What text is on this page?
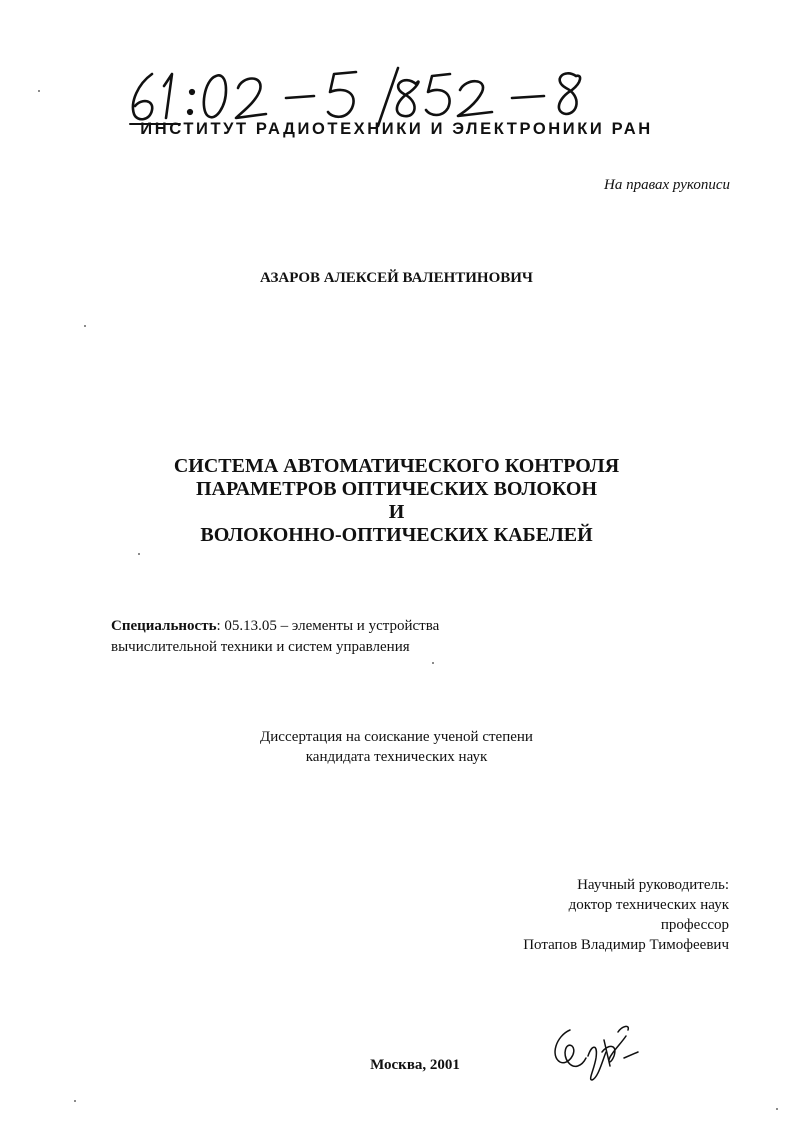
ИНСТИТУТ РАДИОТЕХНИКИ И ЭЛЕКТРОНИКИ РАН
На правах рукописи
АЗАРОВ АЛЕКСЕЙ ВАЛЕНТИНОВИЧ
СИСТЕМА АВТОМАТИЧЕСКОГО КОНТРОЛЯ
ПАРАМЕТРОВ ОПТИЧЕСКИХ ВОЛОКОН
И
ВОЛОКОННО-ОПТИЧЕСКИХ КАБЕЛЕЙ
Специальность: 05.13.05 – элементы и устройства
вычислительной техники и систем управления
Диссертация на соискание ученой степени
кандидата технических наук
Научный руководитель:
доктор технических наук
профессор
Потапов Владимир Тимофеевич
Москва, 2001
